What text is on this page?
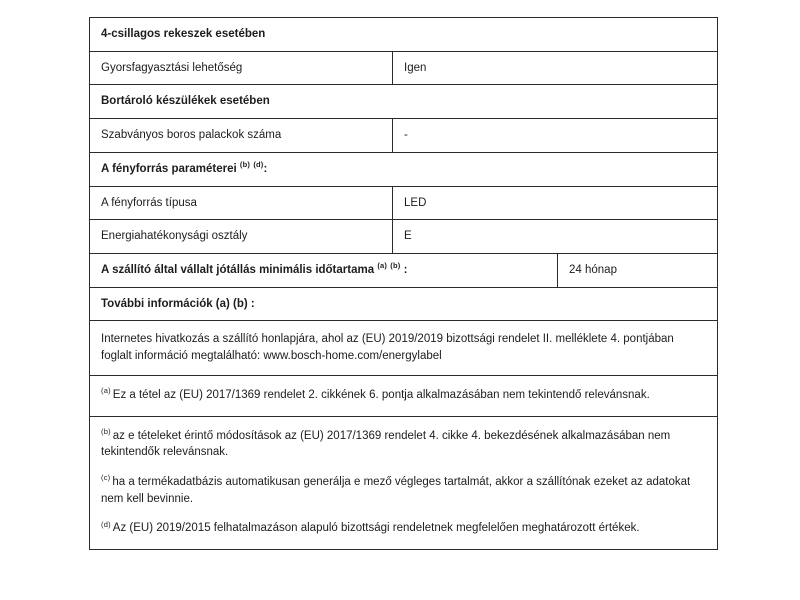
4-csillagos rekeszek esetében		

Gyorsfagyasztási lehetőség	Igen	

Bortároló készülékek esetében		

Szabványos boros palackok száma	-	

A fényforrás paraméterei $^{(b)}$ $^{(d)}$:		

A fényforrás típusa	LED	

Energiahatékonysági osztály	E	

A szállító által vállalt jótállás minimális időtartama $^{(a)}$ $^{(b)}$ :		24 hónap

További információk (a) (b) :		

Internetes hivatkozás a szállító honlapjára, ahol az (EU) 2019/2019 bizottsági rendelet II. melléklete 4. pontjában foglalt információ megtalálható: www.bosch-home.com/energylabel		

$^{(a)}$ Ez a tétel az (EU) 2017/1369 rendelet 2. cikkének 6. pontja alkalmazásában nem tekintendő relevánsnak.		

$^{(b)}$ az e tételeket érintő módosítások az (EU) 2017/1369 rendelet 4. cikke 4. bekezdésének alkalmazásában nem tekintendők relevánsnak.
$^{(c)}$ ha a termékadatbázis automatikusan generálja e mező végleges tartalmát, akkor a szállítónak ezeket az adatokat nem kell bevinnie.
$^{(d)}$ Az (EU) 2019/2015 felhatalmazáson alapuló bizottsági rendeletnek megfelelően meghatározott értékek.		
